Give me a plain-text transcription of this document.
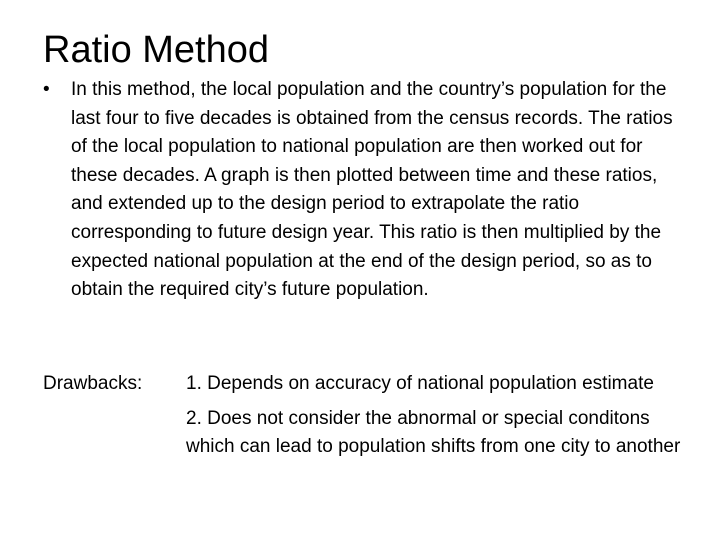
Ratio Method
•	In this method, the local population and the country’s population for the last four to five decades is obtained from the census records. The ratios of the local population to national population are then worked out for these decades. A graph is then plotted between time and these ratios, and extended up to the design period to extrapolate the ratio corresponding to future design year. This ratio is then multiplied by the expected national population at the end of the design period, so as to obtain the required city’s future population.

Drawbacks:	1. Depends on accuracy of national population estimate
2. Does not consider the abnormal or special conditons which can lead to population shifts from one city to another
